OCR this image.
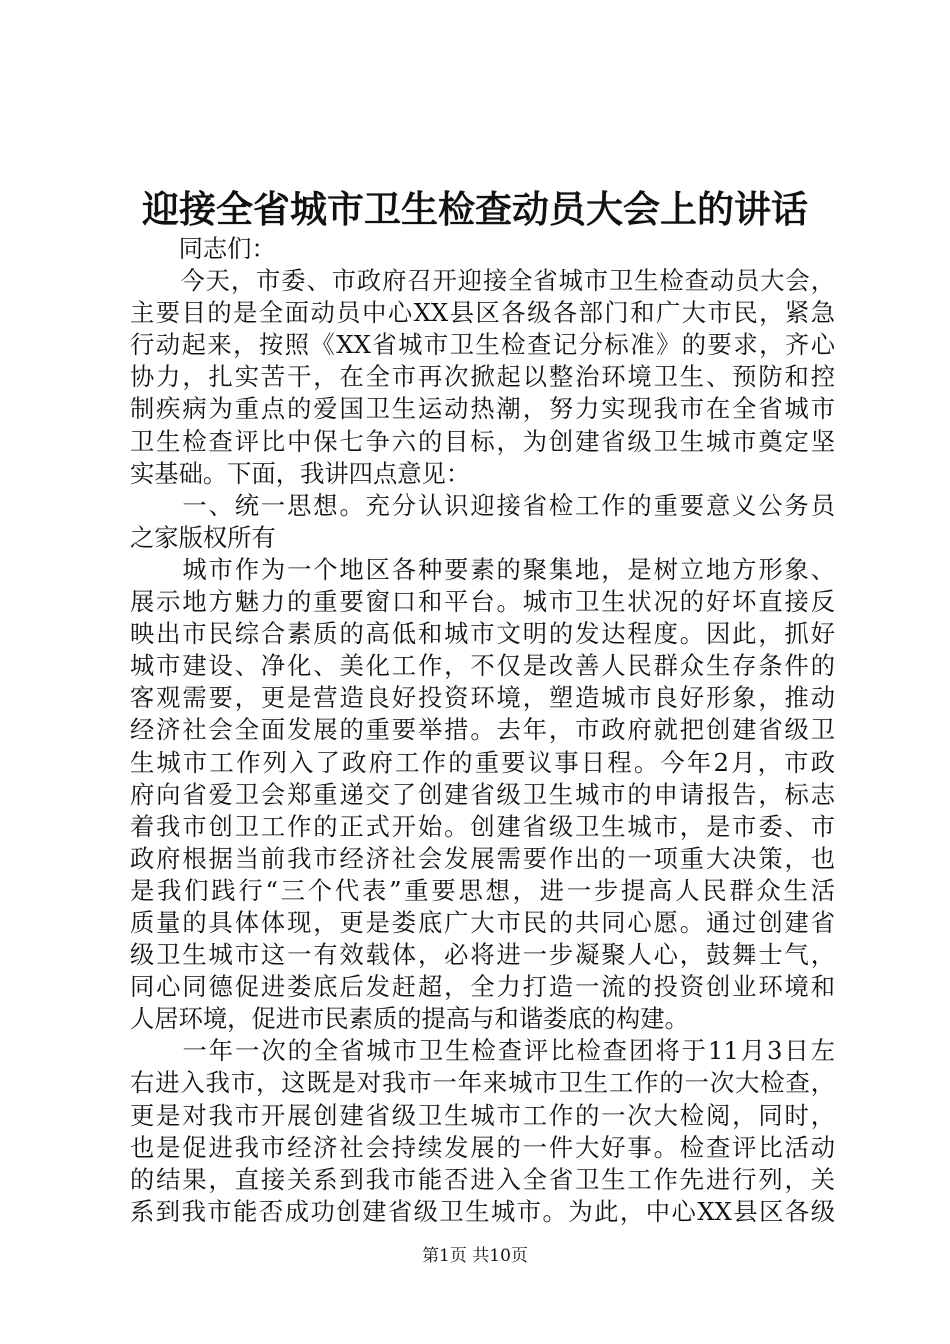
迎接全省城市卫生检查动员大会上的讲话
　　同志们：
　　今天，市委、市政府召开迎接全省城市卫生检查动员大会，
主要目的是全面动员中心XX县区各级各部门和广大市民，紧急
行动起来，按照《XX省城市卫生检查记分标准》的要求，齐心
协力，扎实苦干，在全市再次掀起以整治环境卫生、预防和控
制疾病为重点的爱国卫生运动热潮，努力实现我市在全省城市
卫生检查评比中保七争六的目标，为创建省级卫生城市奠定坚
实基础。下面，我讲四点意见：
　　一、统一思想。充分认识迎接省检工作的重要意义公务员
之家版权所有
　　城市作为一个地区各种要素的聚集地，是树立地方形象、
展示地方魅力的重要窗口和平台。城市卫生状况的好坏直接反
映出市民综合素质的高低和城市文明的发达程度。因此，抓好
城市建设、净化、美化工作，不仅是改善人民群众生存条件的
客观需要，更是营造良好投资环境，塑造城市良好形象，推动
经济社会全面发展的重要举措。去年，市政府就把创建省级卫
生城市工作列入了政府工作的重要议事日程。今年2月，市政
府向省爱卫会郑重递交了创建省级卫生城市的申请报告，标志
着我市创卫工作的正式开始。创建省级卫生城市，是市委、市
政府根据当前我市经济社会发展需要作出的一项重大决策，也
是我们践行“三个代表”重要思想，进一步提高人民群众生活
质量的具体体现，更是娄底广大市民的共同心愿。通过创建省
级卫生城市这一有效载体，必将进一步凝聚人心，鼓舞士气，
同心同德促进娄底后发赶超，全力打造一流的投资创业环境和
人居环境，促进市民素质的提高与和谐娄底的构建。
　　一年一次的全省城市卫生检查评比检查团将于11月3日左
右进入我市，这既是对我市一年来城市卫生工作的一次大检查，
更是对我市开展创建省级卫生城市工作的一次大检阅，同时，
也是促进我市经济社会持续发展的一件大好事。检查评比活动
的结果，直接关系到我市能否进入全省卫生工作先进行列，关
系到我市能否成功创建省级卫生城市。为此，中心XX县区各级
第1页 共10页
